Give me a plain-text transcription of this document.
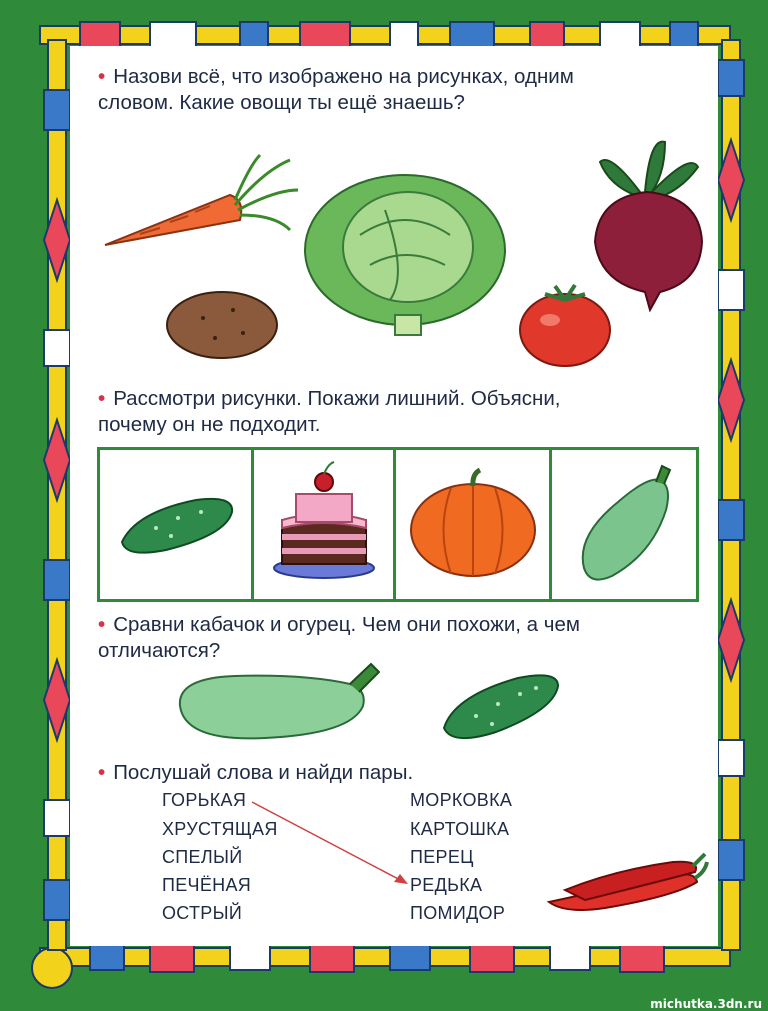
• Назови всё, что изображено на рисунках, одним
словом. Какие овощи ты ещё знаешь?
• Рассмотри рисунки. Покажи лишний. Объясни,
почему он не подходит.
• Сравни кабачок и огурец. Чем они похожи, а чем
отличаются?
• Послушай слова и найди пары.
ГОРЬКАЯ
ХРУСТЯЩАЯ
СПЕЛЫЙ
ПЕЧЁНАЯ
ОСТРЫЙ
МОРКОВКА
КАРТОШКА
ПЕРЕЦ
РЕДЬКА
ПОМИДОР
michutka.3dn.ru
